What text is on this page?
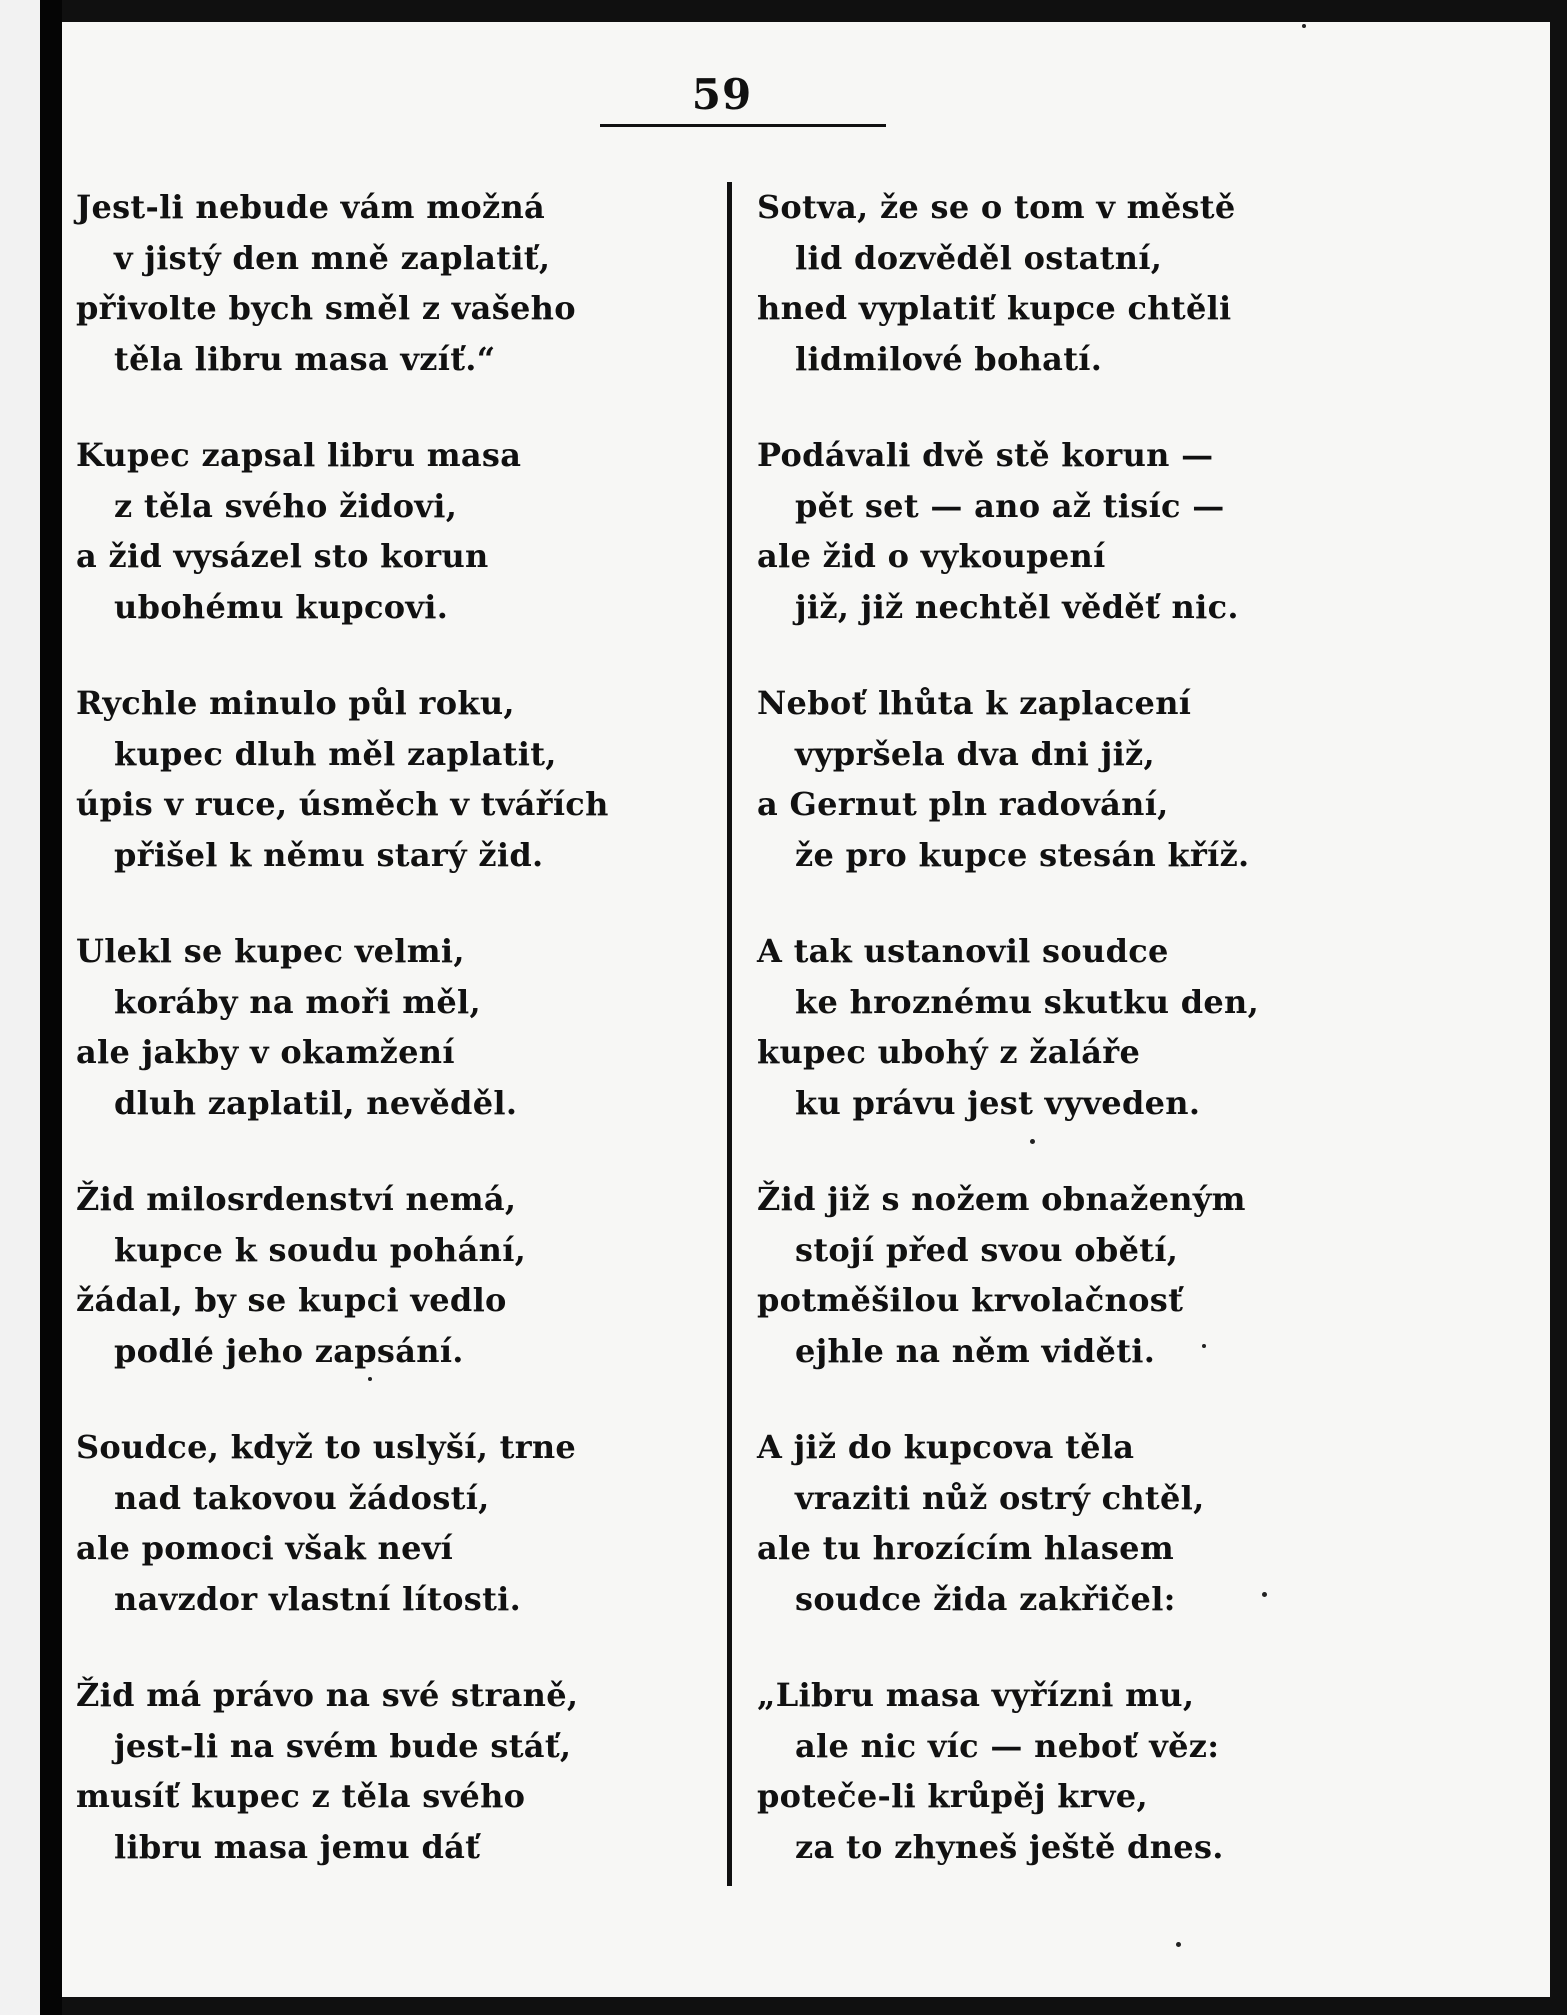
59
Jest-li nebude vám možná
v jistý den mně zaplatiť,
přivolte bych směl z vašeho
těla libru masa vzíť.“
Kupec zapsal libru masa
z těla svého židovi,
a žid vysázel sto korun
ubohému kupcovi.
Rychle minulo půl roku,
kupec dluh měl zaplatit,
úpis v ruce, úsměch v tvářích
přišel k němu starý žid.
Ulekl se kupec velmi,
koráby na moři měl,
ale jakby v okamžení
dluh zaplatil, nevěděl.
Žid milosrdenství nemá,
kupce k soudu pohání,
žádal, by se kupci vedlo
podlé jeho zapsání.
Soudce, když to uslyší, trne
nad takovou žádostí,
ale pomoci však neví
navzdor vlastní lítosti.
Žid má právo na své straně,
jest-li na svém bude stáť,
musíť kupec z těla svého
libru masa jemu dáť
Sotva, že se o tom v městě
lid dozvěděl ostatní,
hned vyplatiť kupce chtěli
lidmilové bohatí.
Podávali dvě stě korun —
pět set — ano až tisíc —
ale žid o vykoupení
již, již nechtěl věděť nic.
Neboť lhůta k zaplacení
vypršela dva dni již,
a Gernut pln radování,
že pro kupce stesán kříž.
A tak ustanovil soudce
ke hroznému skutku den,
kupec ubohý z žaláře
ku právu jest vyveden.
Žid již s nožem obnaženým
stojí před svou obětí,
potměšilou krvolačnosť
ejhle na něm viděti.
A již do kupcova těla
vraziti nůž ostrý chtěl,
ale tu hrozícím hlasem
soudce žida zakřičel:
„Libru masa vyřízni mu,
ale nic víc — neboť věz:
poteče-li krůpěj krve,
za to zhyneš ještě dnes.
